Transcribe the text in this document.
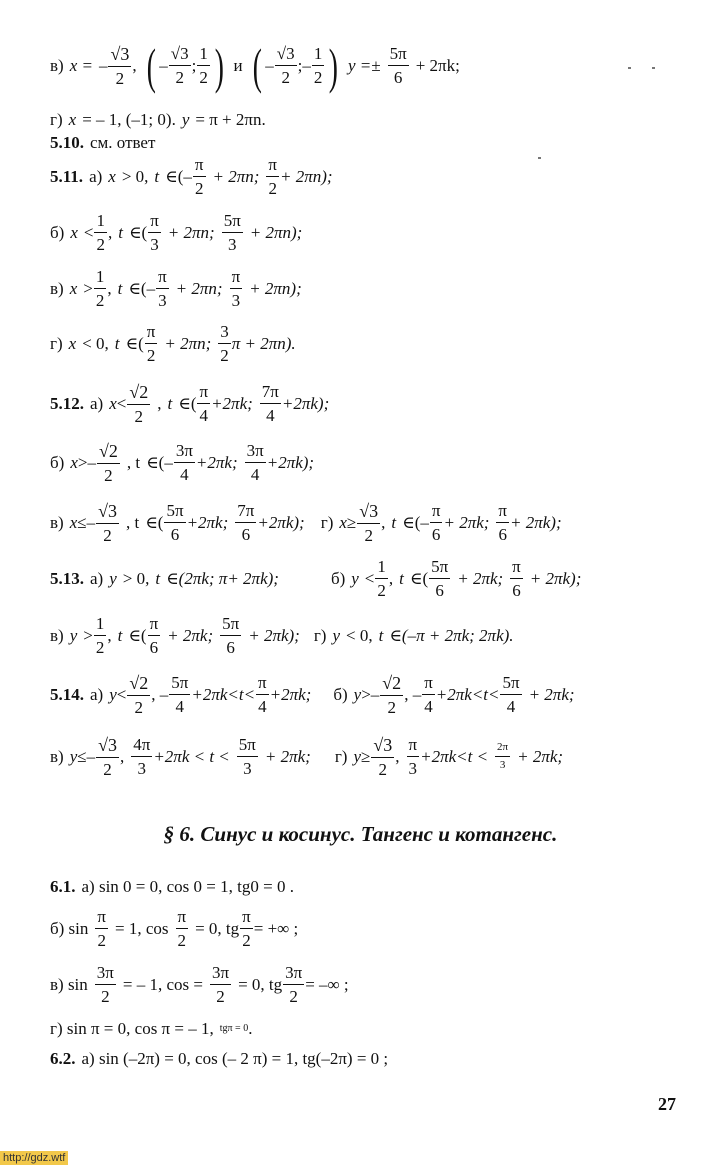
в) x = –
√3
2
, ( –
√3
2
;
1
2 ) и ( –
√3
2
; –
1
2 ) y =±
5π
6
+ 2πk;
г) x = – 1, (–1; 0). y = π + 2πn.
5.10. см. ответ
5.11. а) x > 0, t ∈(–
π
2
+ 2πn;
π
2
+ 2πn);
б) x <
1
2
, t ∈(
π
3
+ 2πn;
5π
3
+ 2πn);
в) x >
1
2
, t ∈(–
π
3
+ 2πn;
π
3
+ 2πn);
г) x < 0, t ∈(
π
2
+ 2πn;
3
2
π + 2πn).
5.12. а) x <
√2
2
, t ∈(
π
4
+2πk;
7π
4
+2πk);
б) x >–
√2
2
, t ∈(–
3π
4
+2πk;
3π
4
+2πk);
в) x ≤–
√3
2
, t ∈(
5π
6
+2πk;
7π
6
+2πk); г) $x \ge \frac{√3}{2}$ , t ∈(–
π
6
+ 2πk;
π
6
+ 2πk);
5.13. а) y > 0, t ∈(2πk; π+ 2πk);	б) y <
1
2
, t ∈(
5π
6
+ 2πk;
π
6
+ 2πk);
в) y >
1
2
, t ∈(
π
6
+ 2πk;
5π
6
+ 2πk); г) y < 0, t ∈(–π + 2πk; 2πk).
5.14. а) y <
√2
2
, –
5π
4
+2πk<t<
π
4
+2πk; б) y >–
√2
2
, –
π
4
+2πk<t<
5π
4
+ 2πk;
в) y ≤–
√3
2
,
4π
3
+2πk < t <
5π
3
+ 2πk; г) $y \ge \frac{√3}{2}$ ,
π
3
+2πk<t < 2π
3 + 2πk;
§ 6. Синус и косинус. Тангенс и котангенс.
6.1. а) sin 0 = 0, cos 0 = 1, tg0 = 0 .
б) sin
π
2
= 1, cos
π
2
= 0, tg $\frac{\pi}{2}$ = +∞ ;
в) sin
3π
2
= – 1, cos =
3π
2
= 0, tg $\frac{3\pi}{2}$ = –∞ ;
г) sin π = 0, cos π = – 1, tgπ = 0 .
6.2. а) sin (–2π) = 0, cos (– 2 π) = 1, tg(–2π) = 0 ;
27
http://gdz.wtf
